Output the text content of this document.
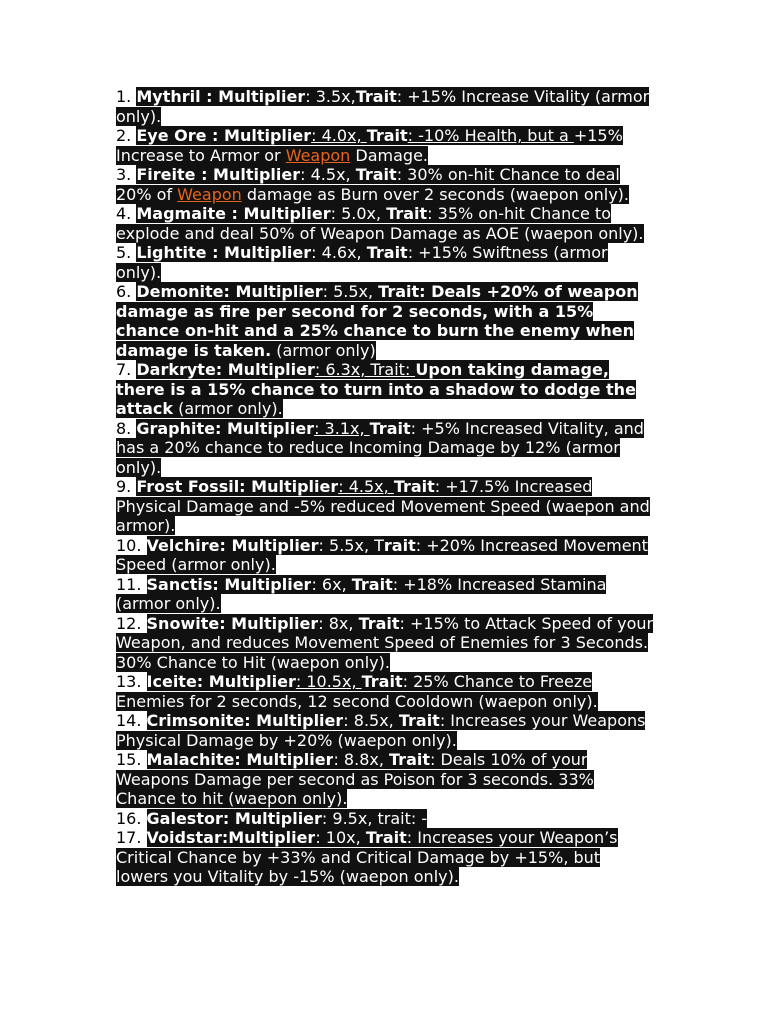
1. Mythril : Multiplier: 3.5x,Trait: +15% Increase Vitality (armor only).

2. Eye Ore : Multiplier: 4.0x, Trait: -10% Health, but a +15% Increase to Armor or Weapon Damage.

3. Fireite : Multiplier: 4.5x, Trait: 30% on-hit Chance to deal 20% of Weapon damage as Burn over 2 seconds (waepon only).

4. Magmaite : Multiplier: 5.0x, Trait: 35% on-hit Chance to explode and deal 50% of Weapon Damage as AOE (waepon only).

5. Lightite : Multiplier: 4.6x, Trait: +15% Swiftness (armor only).

6. Demonite: Multiplier: 5.5x, Trait: Deals +20% of weapon damage as fire per second for 2 seconds, with a 15% chance on-hit and a 25% chance to burn the enemy when damage is taken. (armor only)

7. Darkryte: Multiplier: 6.3x, Trait: Upon taking damage, there is a 15% chance to turn into a shadow to dodge the attack (armor only).

8. Graphite: Multiplier: 3.1x, Trait: +5% Increased Vitality, and has a 20% chance to reduce Incoming Damage by 12% (armor only).

9. Frost Fossil: Multiplier: 4.5x, Trait: +17.5% Increased Physical Damage and -5% reduced Movement Speed (waepon and armor).

10. Velchire: Multiplier: 5.5x, Trait: +20% Increased Movement Speed (armor only).

11. Sanctis: Multiplier: 6x, Trait: +18% Increased Stamina (armor only).

12. Snowite: Multiplier: 8x, Trait: +15% to Attack Speed of your Weapon, and reduces Movement Speed of Enemies for 3 Seconds. 30% Chance to Hit (waepon only).

13. Iceite: Multiplier: 10.5x, Trait: 25% Chance to Freeze Enemies for 2 seconds, 12 second Cooldown (waepon only).

14. Crimsonite: Multiplier: 8.5x, Trait: Increases your Weapons Physical Damage by +20% (waepon only).

15. Malachite: Multiplier: 8.8x, Trait: Deals 10% of your Weapons Damage per second as Poison for 3 seconds. 33% Chance to hit (waepon only).

16. Galestor: Multiplier: 9.5x, trait: -

17. Voidstar:Multiplier: 10x, Trait: Increases your Weapon’s Critical Chance by +33% and Critical Damage by +15%, but lowers you Vitality by -15% (waepon only).
